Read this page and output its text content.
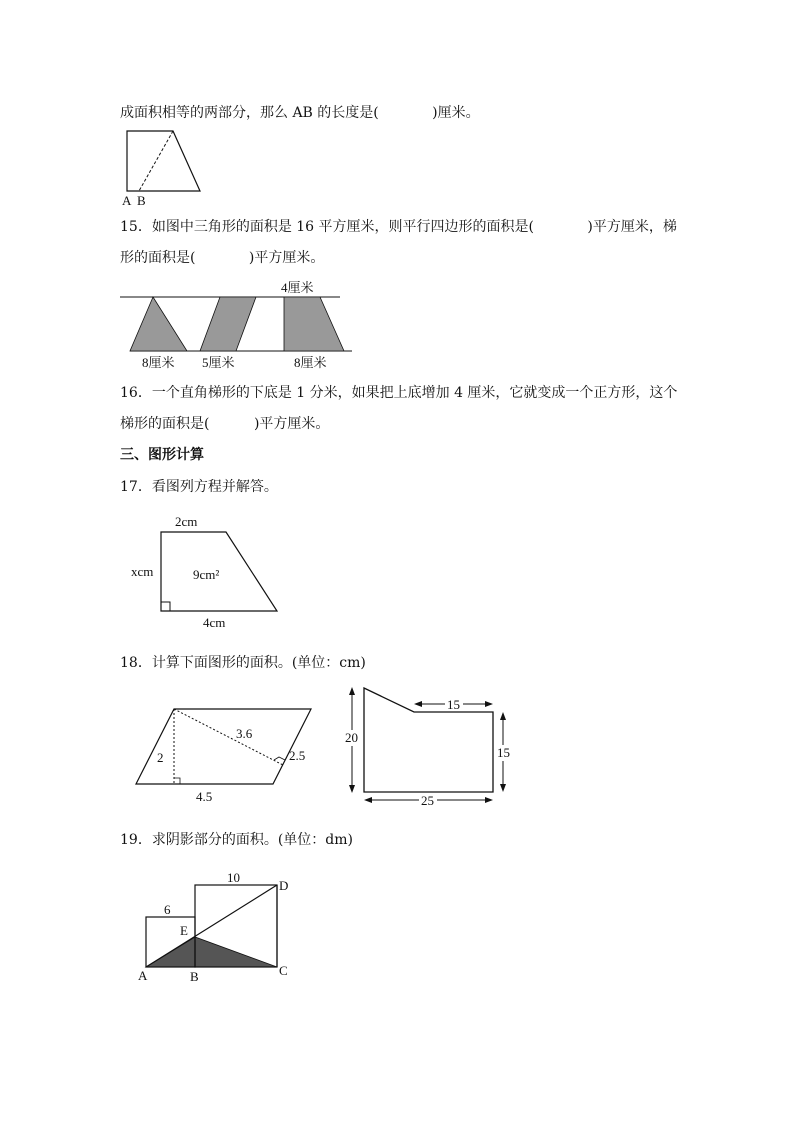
成面积相等的两部分，那么 AB 的长度是(            )厘米。
A B
15．如图中三角形的面积是 16 平方厘米，则平行四边形的面积是(            )平方厘米，梯
形的面积是(            )平方厘米。
4厘米
8厘米 5厘米	8厘米
16．一个直角梯形的下底是 1 分米，如果把上底增加 4 厘米，它就变成一个正方形，这个
梯形的面积是(          )平方厘米。
三、图形计算
17．看图列方程并解答。
2cm
xcm	9cm²
4cm
18．计算下面图形的面积。(单位：cm)
3.6
2	2.5
4.5
20
15
15
25
19．求阴影部分的面积。(单位：dm)
10
6
E
D
A	B	C
